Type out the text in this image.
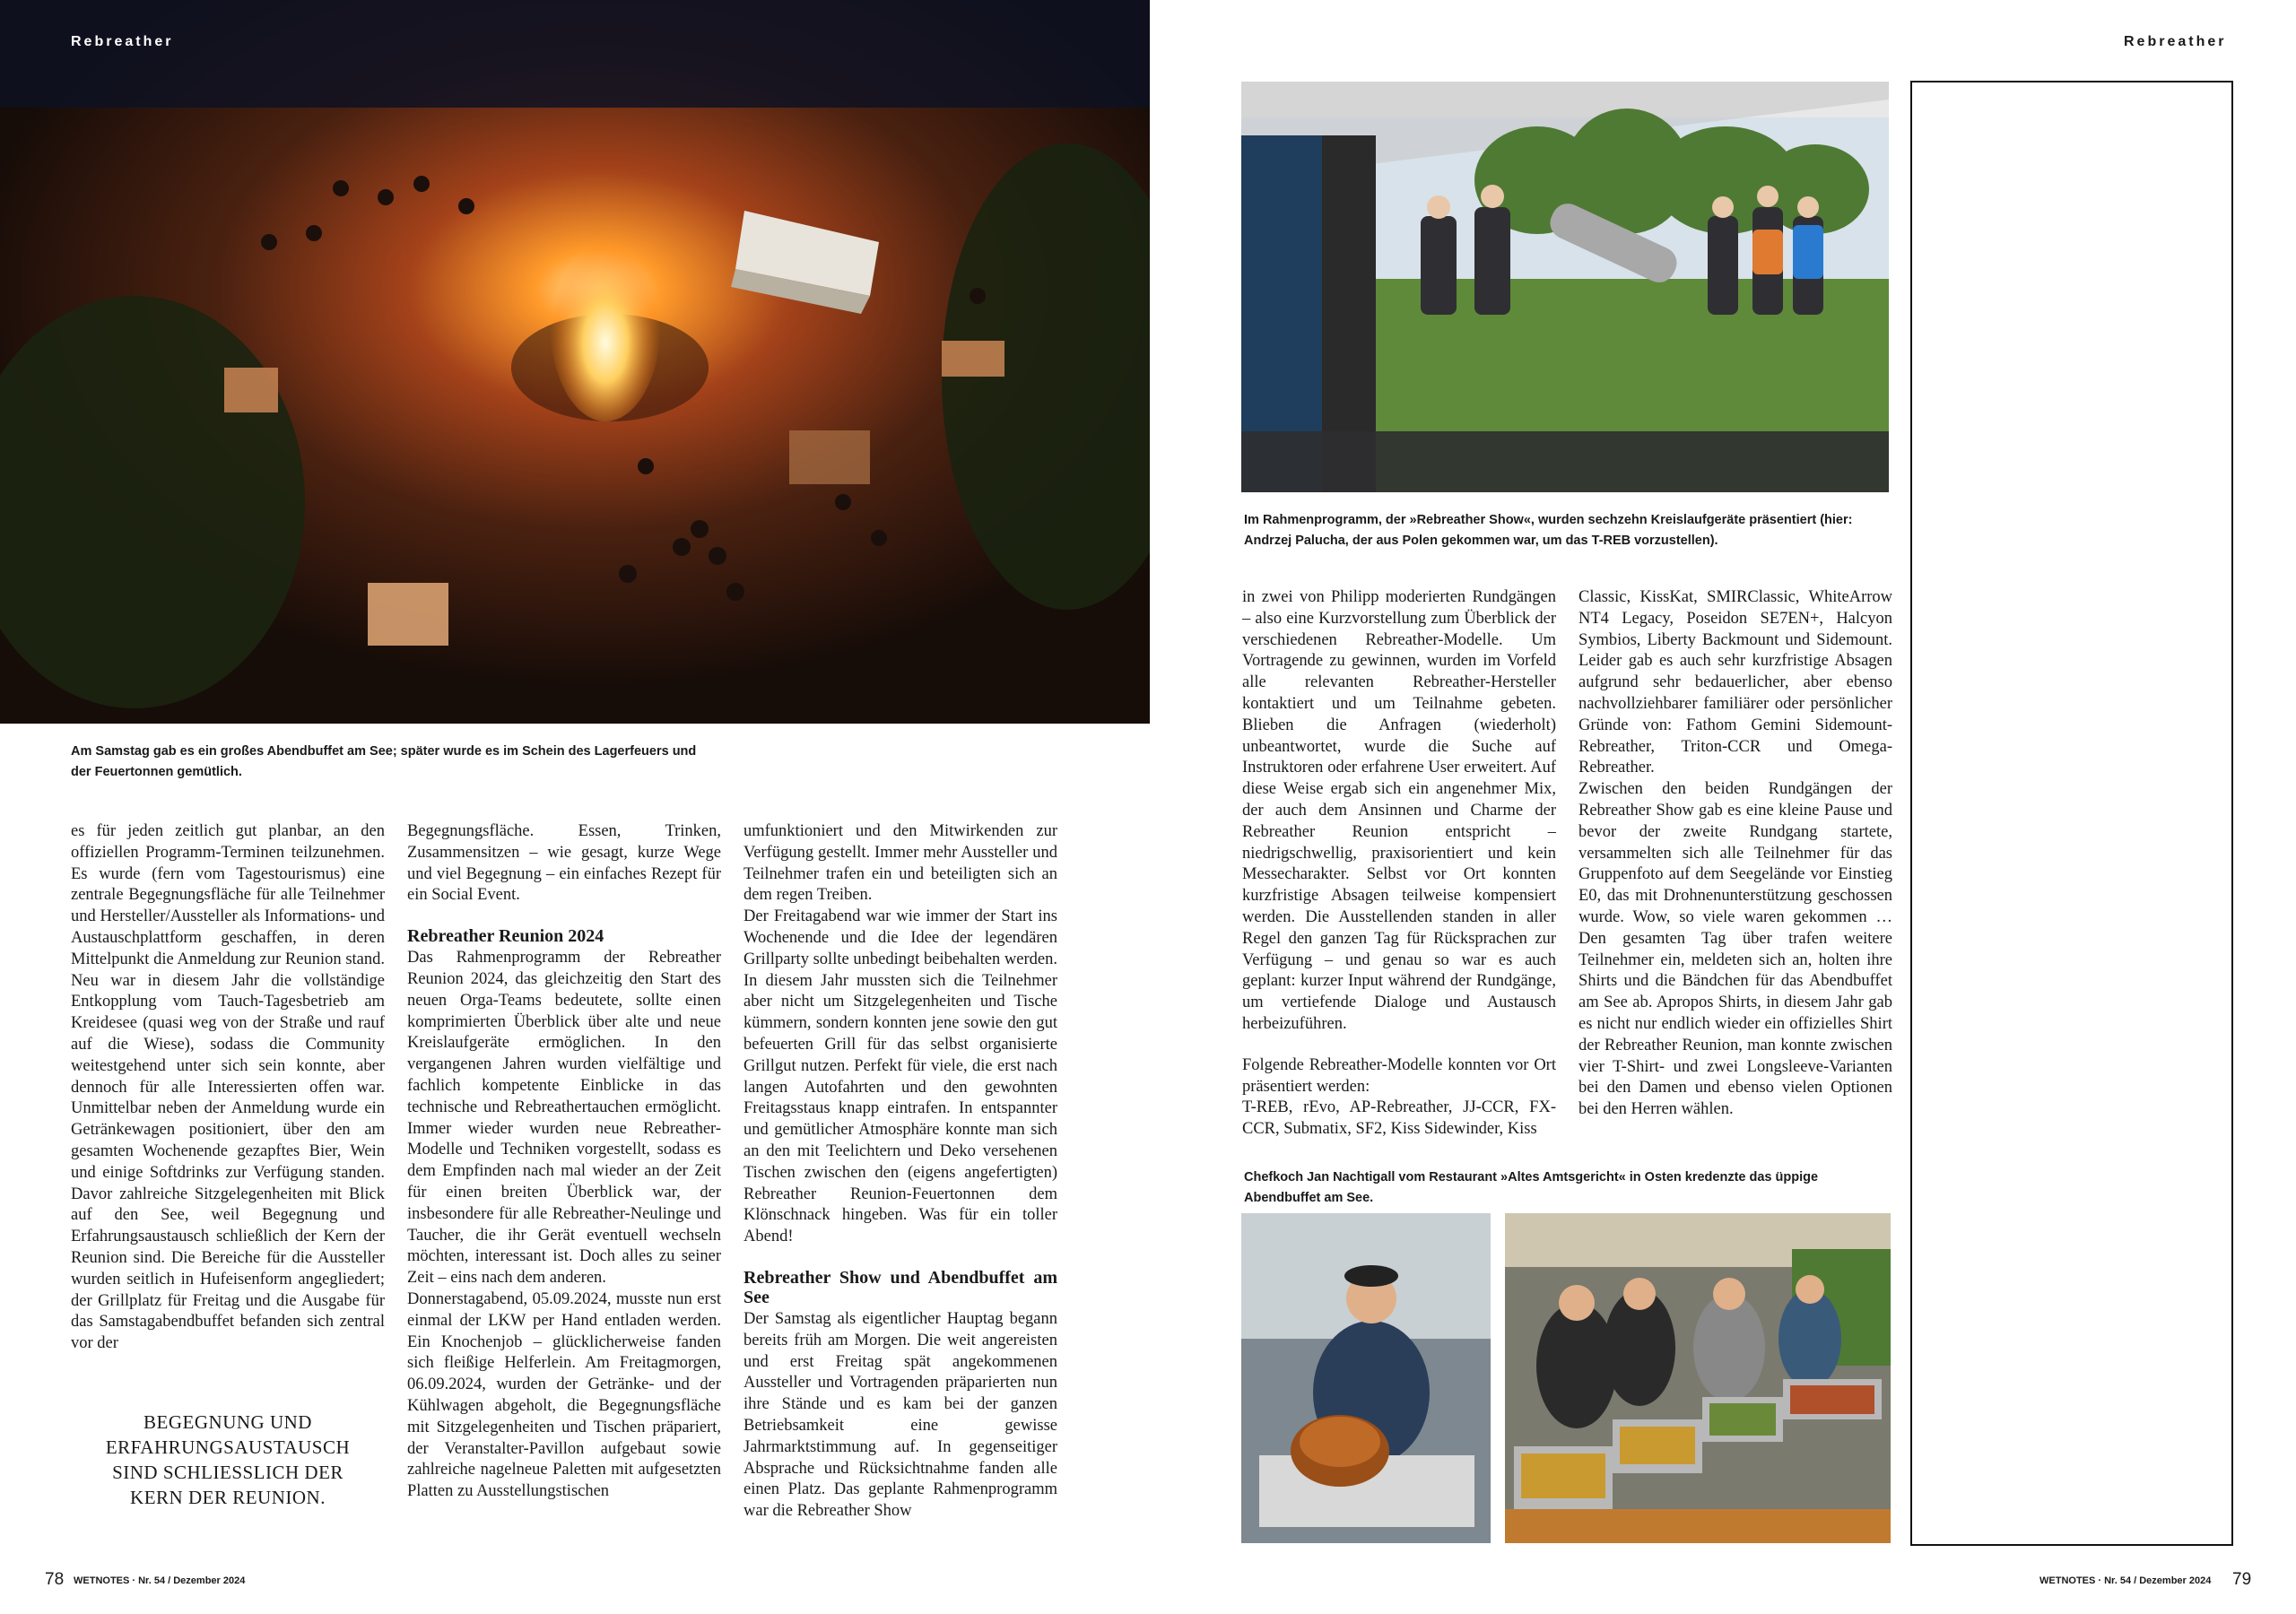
Rebreather
Am Samstag gab es ein großes Abendbuffet am See; später wurde es im Schein des Lagerfeuers und der Feuertonnen gemütlich.

es für jeden zeitlich gut planbar, an den offiziellen Programm-Terminen teilzunehmen. Es wurde (fern vom Tagestourismus) eine zentrale Begegnungsfläche für alle Teilnehmer und Hersteller/Aussteller als Informations- und Austauschplattform geschaffen, in deren Mittelpunkt die Anmeldung zur Reunion stand. Neu war in diesem Jahr die vollständige Entkopplung vom Tauch-Tagesbetrieb am Kreidesee (quasi weg von der Straße und rauf auf die Wiese), sodass die Community weitestgehend unter sich sein konnte, aber dennoch für alle Interessierten offen war. Unmittelbar neben der Anmeldung wurde ein Getränkewagen positioniert, über den am gesamten Wochenende gezapftes Bier, Wein und einige Softdrinks zur Verfügung standen. Davor zahlreiche Sitzgelegenheiten mit Blick auf den See, weil Begegnung und Erfahrungsaustausch schließlich der Kern der Reunion sind. Die Bereiche für die Aussteller wurden seitlich in Hufeisenform angegliedert; der Grillplatz für Freitag und die Ausgabe für das Samstagabendbuffet befanden sich zentral vor der

BEGEGNUNG UND ERFAHRUNGSAUSTAUSCH SIND SCHLIESSLICH DER KERN DER REUNION.

Begegnungsfläche. Essen, Trinken, Zusammensitzen – wie gesagt, kurze Wege und viel Begegnung – ein einfaches Rezept für ein Social Event.

Rebreather Reunion 2024

Das Rahmenprogramm der Rebreather Reunion 2024, das gleichzeitig den Start des neuen Orga-Teams bedeutete, sollte einen komprimierten Überblick über alte und neue Kreislaufgeräte ermöglichen. In den vergangenen Jahren wurden vielfältige und fachlich kompetente Einblicke in das technische und Rebreathertauchen ermöglicht. Immer wieder wurden neue Rebreather-Modelle und Techniken vorgestellt, sodass es dem Empfinden nach mal wieder an der Zeit für einen breiten Überblick war, der insbesondere für alle Rebreather-Neulinge und Taucher, die ihr Gerät eventuell wechseln möchten, interessant ist. Doch alles zu seiner Zeit – eins nach dem anderen.

Donnerstagabend, 05.09.2024, musste nun erst einmal der LKW per Hand entladen werden. Ein Knochenjob – glücklicherweise fanden sich fleißige Helferlein. Am Freitagmorgen, 06.09.2024, wurden der Getränke- und der Kühlwagen abgeholt, die Begegnungsfläche mit Sitzgelegenheiten und Tischen präpariert, der Veranstalter-Pavillon aufgebaut sowie zahlreiche nagelneue Paletten mit aufgesetzten Platten zu Ausstellungstischen

umfunktioniert und den Mitwirkenden zur Verfügung gestellt. Immer mehr Aussteller und Teilnehmer trafen ein und beteiligten sich an dem regen Treiben.

Der Freitagabend war wie immer der Start ins Wochenende und die Idee der legendären Grillparty sollte unbedingt beibehalten werden. In diesem Jahr mussten sich die Teilnehmer aber nicht um Sitzgelegenheiten und Tische kümmern, sondern konnten jene sowie den gut befeuerten Grill für das selbst organisierte Grillgut nutzen. Perfekt für viele, die erst nach langen Autofahrten und den gewohnten Freitagsstaus knapp eintrafen. In entspannter und gemütlicher Atmosphäre konnte man sich an den mit Teelichtern und Deko versehenen Tischen zwischen den (eigens angefertigten) Rebreather Reunion-Feuertonnen dem Klönschnack hingeben. Was für ein toller Abend!

Rebreather Show und Abendbuffet am See

Der Samstag als eigentlicher Hauptag begann bereits früh am Morgen. Die weit angereisten und erst Freitag spät angekommenen Aussteller und Vortragenden präparierten nun ihre Stände und es kam bei der ganzen Betriebsamkeit eine gewisse Jahrmarktstimmung auf. In gegenseitiger Absprache und Rücksichtnahme fanden alle einen Platz. Das geplante Rahmenprogramm war die Rebreather Show

78 WETNOTES · Nr. 54 / Dezember 2024
Rebreather
Im Rahmenprogramm, der »Rebreather Show«, wurden sechzehn Kreislaufgeräte präsentiert (hier: Andrzej Palucha, der aus Polen gekommen war, um das T-REB vorzustellen).

in zwei von Philipp moderierten Rundgängen – also eine Kurzvorstellung zum Überblick der verschiedenen Rebreather-Modelle. Um Vortragende zu gewinnen, wurden im Vorfeld alle relevanten Rebreather-Hersteller kontaktiert und um Teilnahme gebeten. Blieben die Anfragen (wiederholt) unbeantwortet, wurde die Suche auf Instruktoren oder erfahrene User erweitert. Auf diese Weise ergab sich ein angenehmer Mix, der auch dem Ansinnen und Charme der Rebreather Reunion entspricht – niedrigschwellig, praxisorientiert und kein Messecharakter. Selbst vor Ort konnten kurzfristige Absagen teilweise kompensiert werden. Die Ausstellenden standen in aller Regel den ganzen Tag für Rücksprachen zur Verfügung – und genau so war es auch geplant: kurzer Input während der Rundgänge, um vertiefende Dialoge und Austausch herbeizuführen.

Folgende Rebreather-Modelle konnten vor Ort präsentiert werden:

T-REB, rEvo, AP-Rebreather, JJ-CCR, FX-CCR, Submatix, SF2, Kiss Sidewinder, Kiss

Classic, KissKat, SMIRClassic, WhiteArrow NT4 Legacy, Poseidon SE7EN+, Halcyon Symbios, Liberty Backmount und Sidemount. Leider gab es auch sehr kurzfristige Absagen aufgrund sehr bedauerlicher, aber ebenso nachvollziehbarer familiärer oder persönlicher Gründe von: Fathom Gemini Sidemount-Rebreather, Triton-CCR und Omega-Rebreather.

Zwischen den beiden Rundgängen der Rebreather Show gab es eine kleine Pause und bevor der zweite Rundgang startete, versammelten sich alle Teilnehmer für das Gruppenfoto auf dem Seegelände vor Einstieg E0, das mit Drohnenunterstützung geschossen wurde. Wow, so viele waren gekommen … Den gesamten Tag über trafen weitere Teilnehmer ein, meldeten sich an, holten ihre Shirts und die Bändchen für das Abendbuffet am See ab. Apropos Shirts, in diesem Jahr gab es nicht nur endlich wieder ein offizielles Shirt der Rebreather Reunion, man konnte zwischen vier T-Shirt- und zwei Longsleeve-Varianten bei den Damen und ebenso vielen Optionen bei den Herren wählen.

Chefkoch Jan Nachtigall vom Restaurant »Altes Amtsgericht« in Osten kredenzte das üppige Abendbuffet am See.
WETNOTES · Nr. 54 / Dezember 2024 79
